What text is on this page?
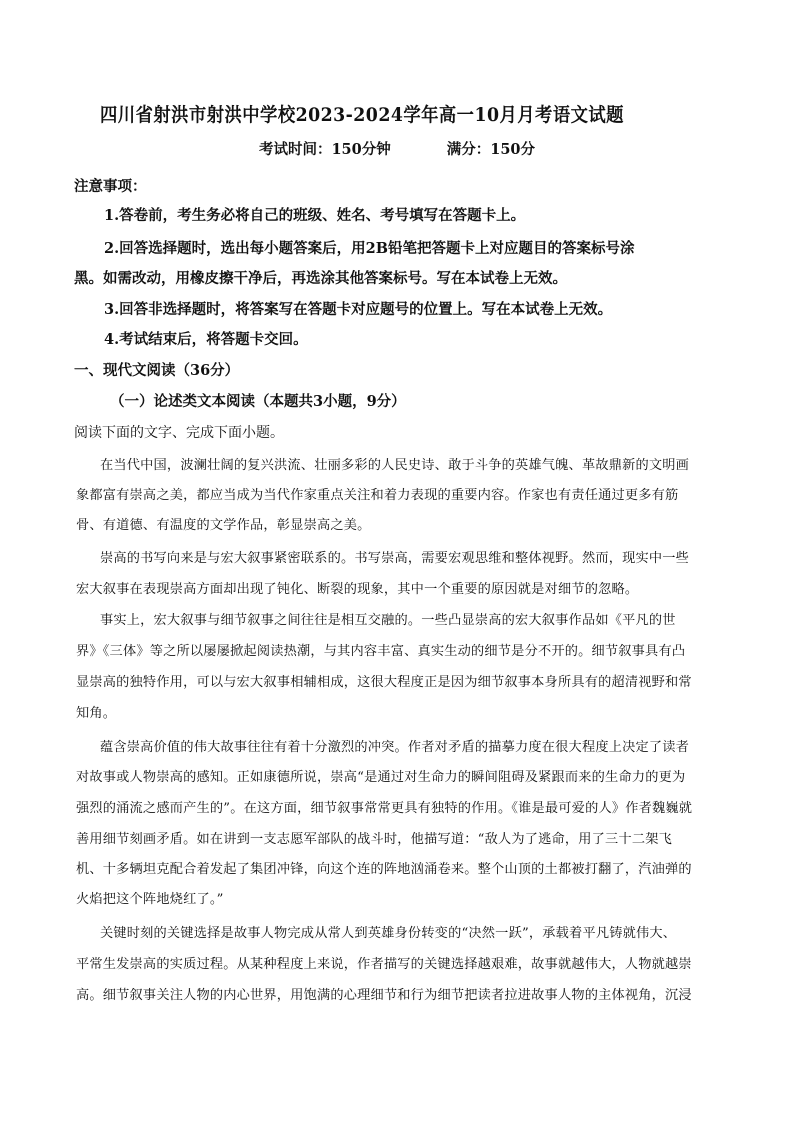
四川省射洪市射洪中学校2023-2024学年高一10月月考语文试题
考试时间：150分钟	满分：150分
注意事项：
1.答卷前，考生务必将自己的班级、姓名、考号填写在答题卡上。
2.回答选择题时，选出每小题答案后，用2B铅笔把答题卡上对应题目的答案标号涂
黑。如需改动，用橡皮擦干净后，再选涂其他答案标号。写在本试卷上无效。
3.回答非选择题时，将答案写在答题卡对应题号的位置上。写在本试卷上无效。
4.考试结束后，将答题卡交回。
一、现代文阅读（36分）
（一）论述类文本阅读（本题共3小题，9分）
阅读下面的文字、完成下面小题。
在当代中国，波澜壮阔的复兴洪流、壮丽多彩的人民史诗、敢于斗争的英雄气魄、革故鼎新的文明画
象都富有崇高之美，都应当成为当代作家重点关注和着力表现的重要内容。作家也有责任通过更多有筋
骨、有道德、有温度的文学作品，彰显崇高之美。
崇高的书写向来是与宏大叙事紧密联系的。书写崇高，需要宏观思维和整体视野。然而，现实中一些
宏大叙事在表现崇高方面却出现了钝化、断裂的现象，其中一个重要的原因就是对细节的忽略。
事实上，宏大叙事与细节叙事之间往往是相互交融的。一些凸显崇高的宏大叙事作品如《平凡的世
界》《三体》等之所以屡屡掀起阅读热潮，与其内容丰富、真实生动的细节是分不开的。细节叙事具有凸
显崇高的独特作用，可以与宏大叙事相辅相成，这很大程度正是因为细节叙事本身所具有的超清视野和常
知角。
蕴含崇高价值的伟大故事往往有着十分激烈的冲突。作者对矛盾的描摹力度在很大程度上决定了读者
对故事或人物崇高的感知。正如康德所说，崇高“是通过对生命力的瞬间阻碍及紧跟而来的生命力的更为
强烈的涌流之感而产生的”。在这方面，细节叙事常常更具有独特的作用。《谁是最可爱的人》作者魏巍就
善用细节刻画矛盾。如在讲到一支志愿军部队的战斗时，他描写道：“敌人为了逃命，用了三十二架飞
机、十多辆坦克配合着发起了集团冲锋，向这个连的阵地汹涌卷来。整个山顶的土都被打翻了，汽油弹的
火焰把这个阵地烧红了。”
关键时刻的关键选择是故事人物完成从常人到英雄身份转变的“决然一跃”，承载着平凡铸就伟大、
平常生发崇高的实质过程。从某种程度上来说，作者描写的关键选择越艰难，故事就越伟大，人物就越崇
高。细节叙事关注人物的内心世界，用饱满的心理细节和行为细节把读者拉进故事人物的主体视角，沉浸
